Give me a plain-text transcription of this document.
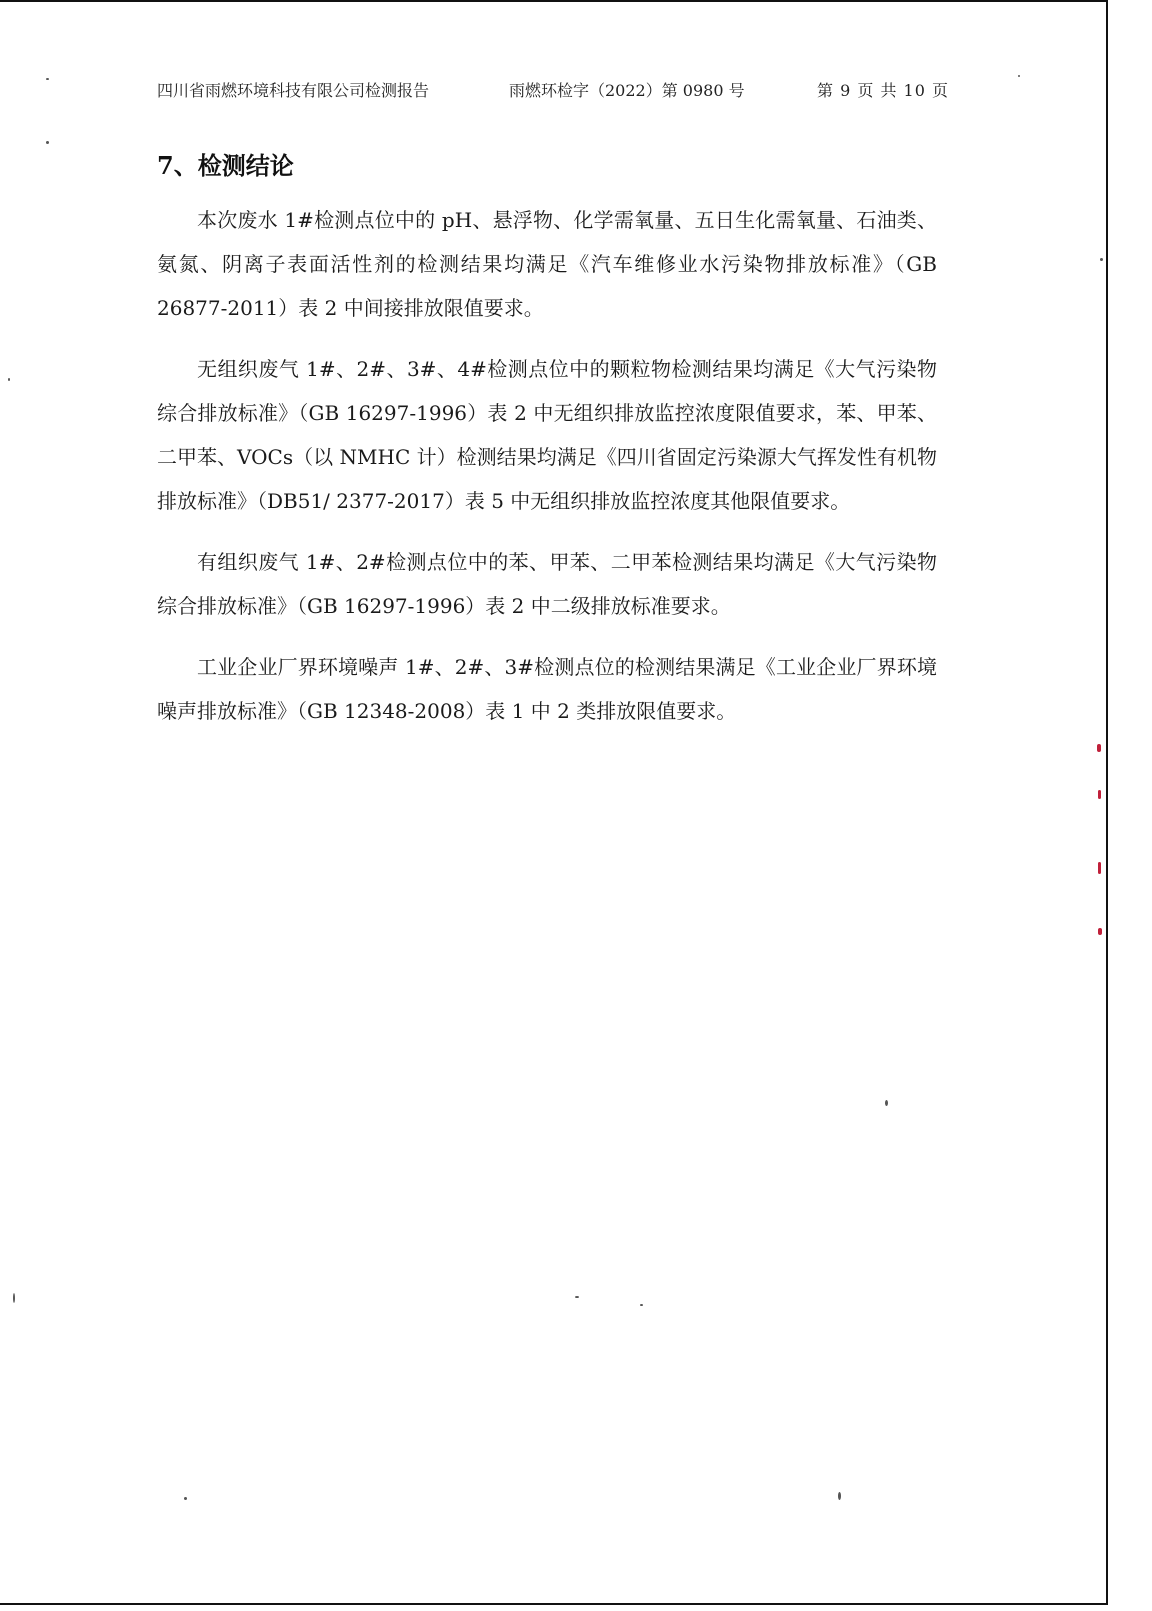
四川省雨燃环境科技有限公司检测报告	雨燃环检字（2022）第 0980 号	第 9 页 共 10 页
7、检测结论

本次废水 1#检测点位中的 pH、悬浮物、化学需氧量、五日生化需氧量、石油类、氨氮、阴离子表面活性剂的检测结果均满足《汽车维修业水污染物排放标准》（GB 26877-2011）表 2 中间接排放限值要求。

无组织废气 1#、2#、3#、4#检测点位中的颗粒物检测结果均满足《大气污染物综合排放标准》（GB 16297-1996）表 2 中无组织排放监控浓度限值要求，苯、甲苯、二甲苯、VOCs（以 NMHC 计）检测结果均满足《四川省固定污染源大气挥发性有机物排放标准》（DB51/ 2377-2017）表 5 中无组织排放监控浓度其他限值要求。

有组织废气 1#、2#检测点位中的苯、甲苯、二甲苯检测结果均满足《大气污染物综合排放标准》（GB 16297-1996）表 2 中二级排放标准要求。

工业企业厂界环境噪声 1#、2#、3#检测点位的检测结果满足《工业企业厂界环境噪声排放标准》（GB 12348-2008）表 1 中 2 类排放限值要求。
